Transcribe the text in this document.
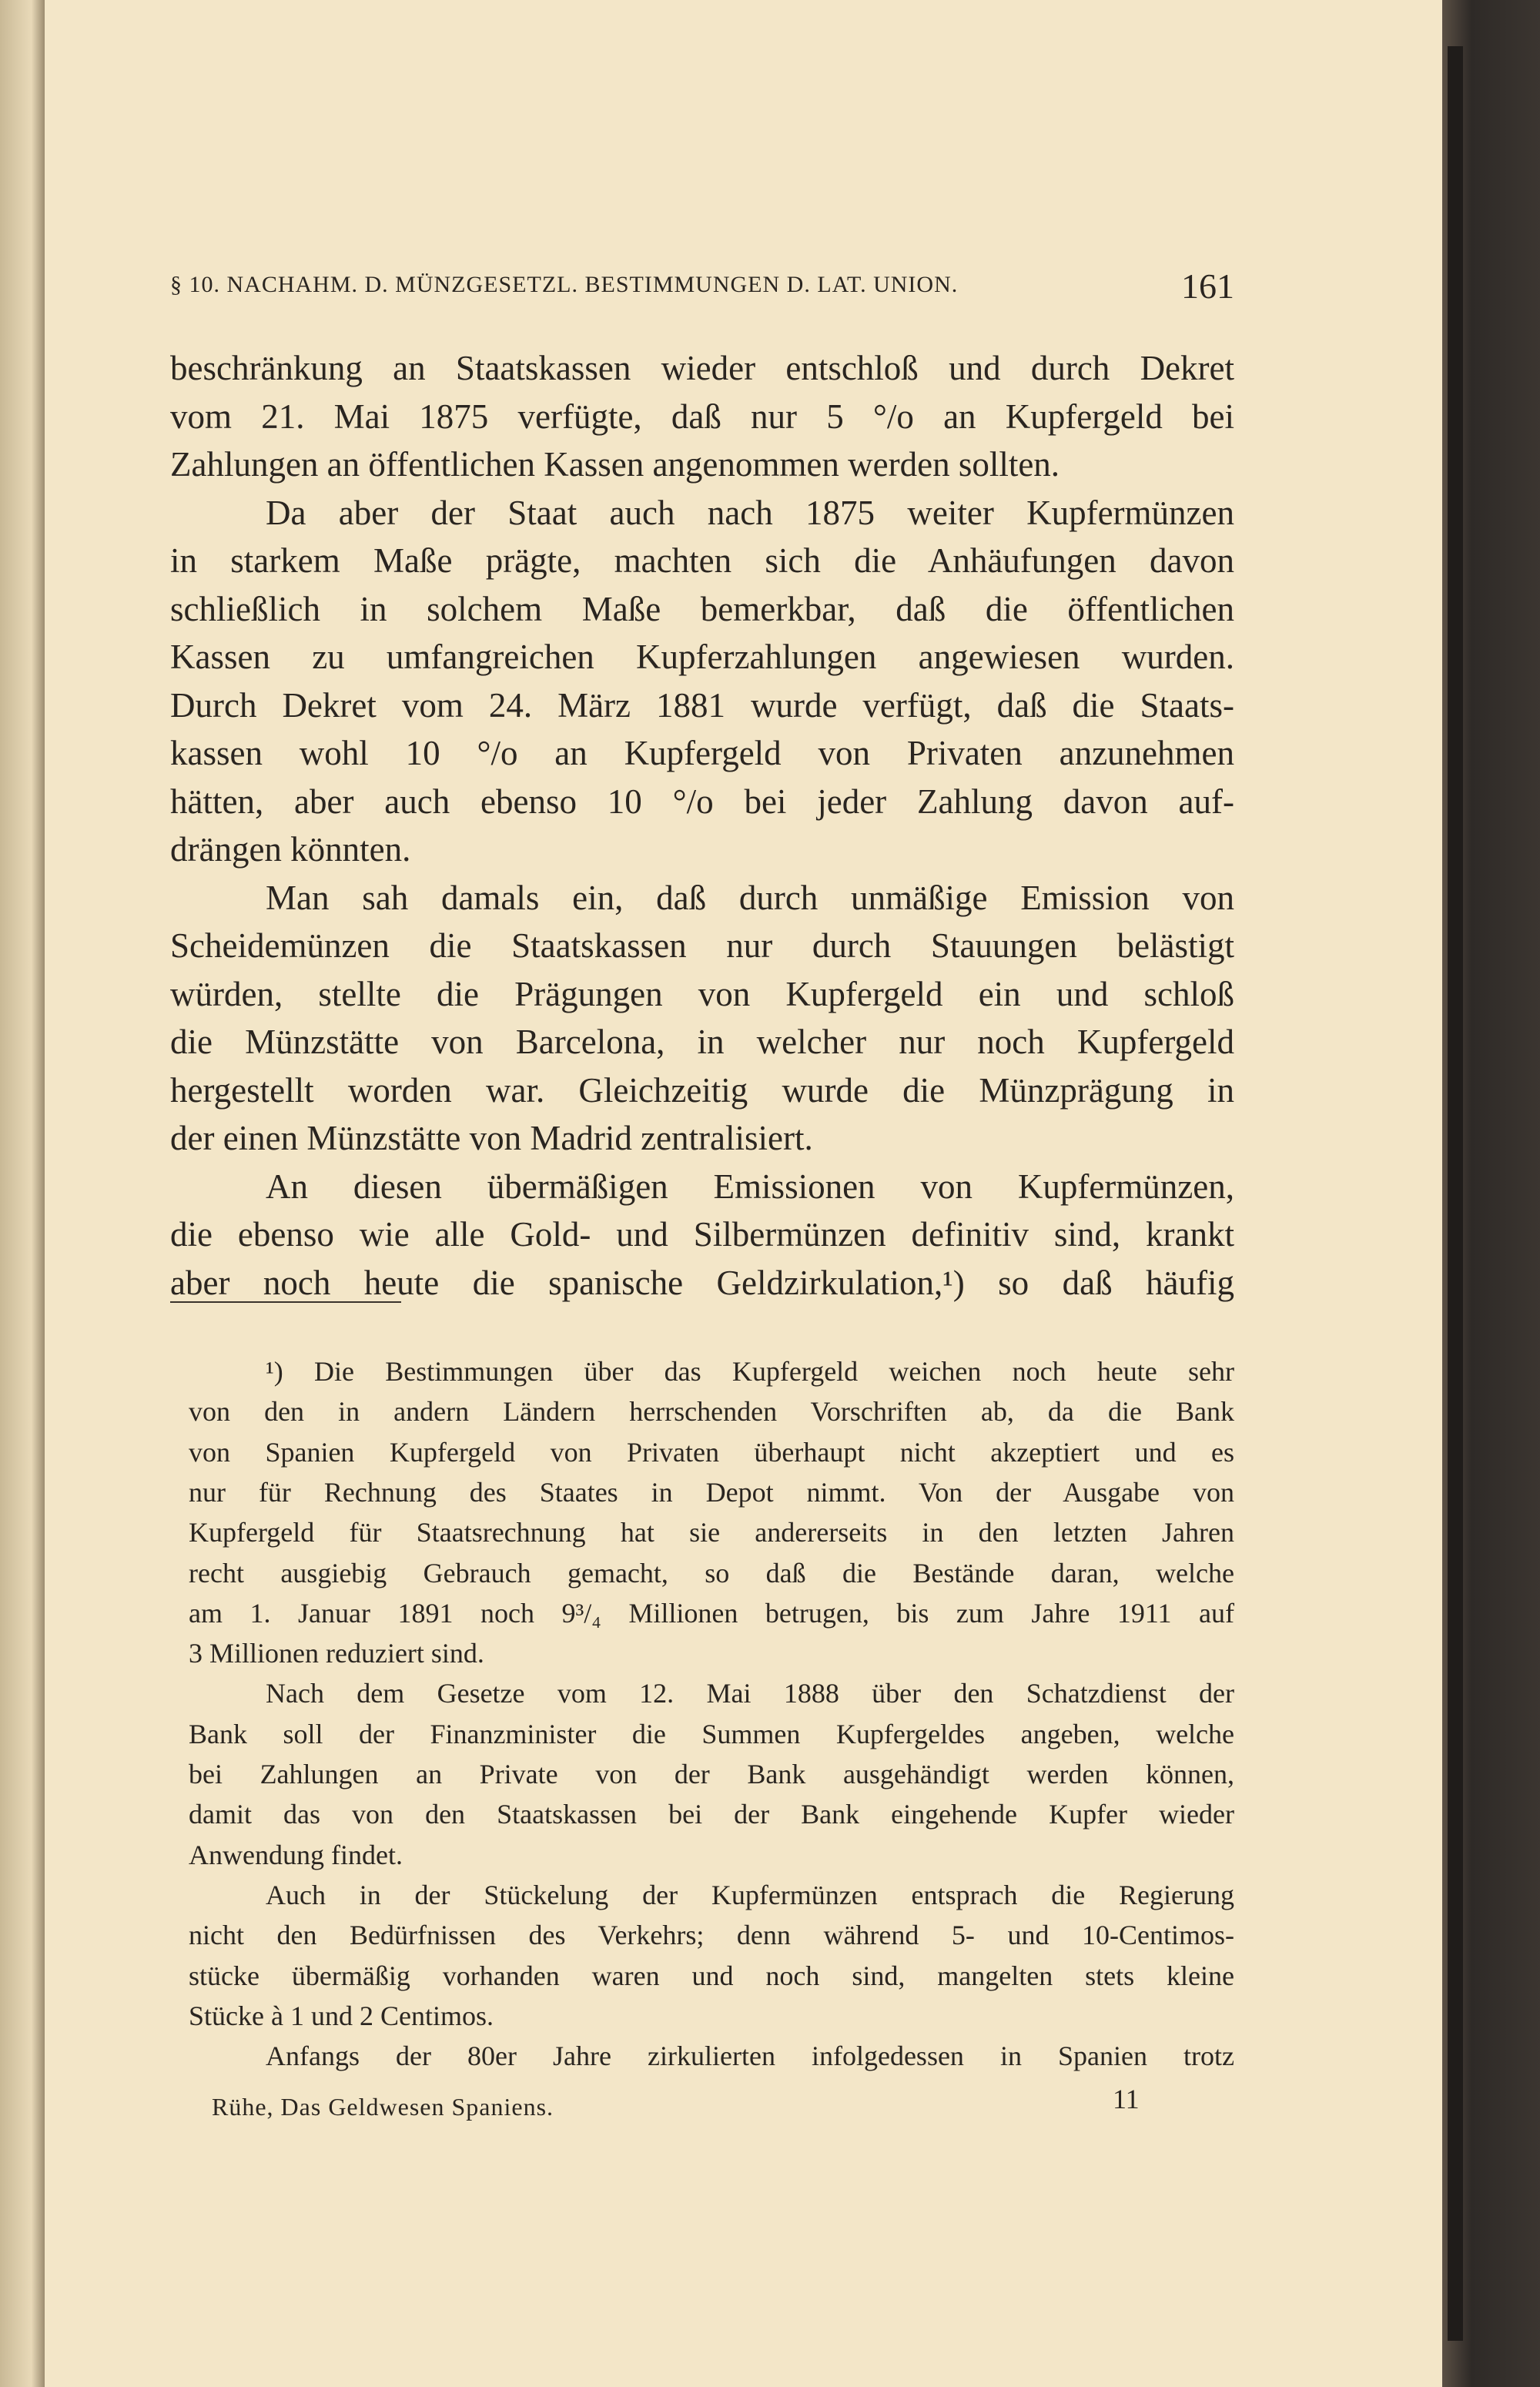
§ 10. NACHAHM. D. MÜNZGESETZL. BESTIMMUNGEN D. LAT. UNION.	161
beschränkung an Staatskassen wieder entschloß und durch Dekret
vom 21. Mai 1875 verfügte, daß nur 5 °/o an Kupfergeld bei
Zahlungen an öffentlichen Kassen angenommen werden sollten.
Da aber der Staat auch nach 1875 weiter Kupfermünzen
in starkem Maße prägte, machten sich die Anhäufungen davon
schließlich in solchem Maße bemerkbar, daß die öffentlichen
Kassen zu umfangreichen Kupferzahlungen angewiesen wurden.
Durch Dekret vom 24. März 1881 wurde verfügt, daß die Staats-
kassen wohl 10 °/o an Kupfergeld von Privaten anzunehmen
hätten, aber auch ebenso 10 °/o bei jeder Zahlung davon auf-
drängen könnten.
Man sah damals ein, daß durch unmäßige Emission von
Scheidemünzen die Staatskassen nur durch Stauungen belästigt
würden, stellte die Prägungen von Kupfergeld ein und schloß
die Münzstätte von Barcelona, in welcher nur noch Kupfergeld
hergestellt worden war. Gleichzeitig wurde die Münzprägung in
der einen Münzstätte von Madrid zentralisiert.
An diesen übermäßigen Emissionen von Kupfermünzen,
die ebenso wie alle Gold- und Silbermünzen definitiv sind, krankt
aber noch heute die spanische Geldzirkulation,¹) so daß häufig
¹) Die Bestimmungen über das Kupfergeld weichen noch heute sehr
von den in andern Ländern herrschenden Vorschriften ab, da die Bank
von Spanien Kupfergeld von Privaten überhaupt nicht akzeptiert und es
nur für Rechnung des Staates in Depot nimmt. Von der Ausgabe von
Kupfergeld für Staatsrechnung hat sie andererseits in den letzten Jahren
recht ausgiebig Gebrauch gemacht, so daß die Bestände daran, welche
am 1. Januar 1891 noch 9³/₄ Millionen betrugen, bis zum Jahre 1911 auf
3 Millionen reduziert sind.
Nach dem Gesetze vom 12. Mai 1888 über den Schatzdienst der
Bank soll der Finanzminister die Summen Kupfergeldes angeben, welche
bei Zahlungen an Private von der Bank ausgehändigt werden können,
damit das von den Staatskassen bei der Bank eingehende Kupfer wieder
Anwendung findet.
Auch in der Stückelung der Kupfermünzen entsprach die Regierung
nicht den Bedürfnissen des Verkehrs; denn während 5- und 10-Centimos-
stücke übermäßig vorhanden waren und noch sind, mangelten stets kleine
Stücke à 1 und 2 Centimos.
Anfangs der 80er Jahre zirkulierten infolgedessen in Spanien trotz
Rühe, Das Geldwesen Spaniens.	11
